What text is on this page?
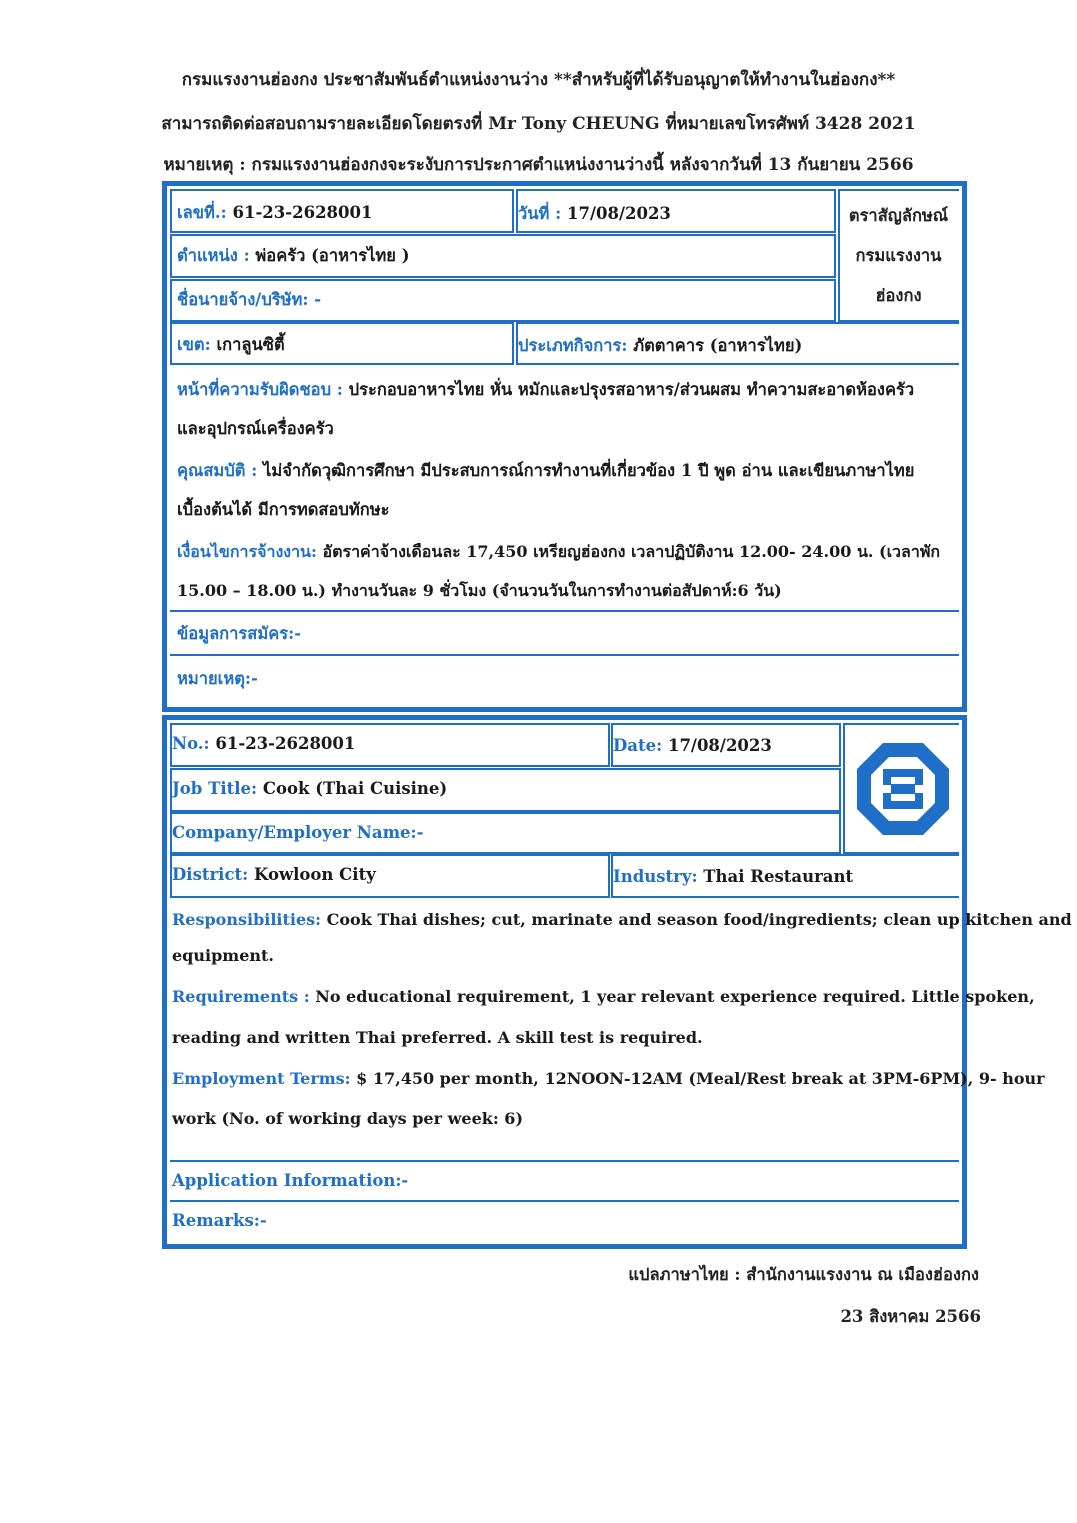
กรมแรงงานฮ่องกง ประชาสัมพันธ์ตำแหน่งงานว่าง **สำหรับผู้ที่ได้รับอนุญาตให้ทำงานในฮ่องกง**
สามารถติดต่อสอบถามรายละเอียดโดยตรงที่ Mr Tony CHEUNG ที่หมายเลขโทรศัพท์ 3428 2021
หมายเหตุ : กรมแรงงานฮ่องกงจะระงับการประกาศตำแหน่งงานว่างนี้ หลังจากวันที่ 13 กันยายน 2566
เลขที่.: 61-23-2628001	วันที่ : 17/08/2023	ตราสัญลักษณ์
กรมแรงงาน
ฮ่องกง
ตำแหน่ง : พ่อครัว (อาหารไทย )
ชื่อนายจ้าง/บริษัท: -
เขต: เกาลูนซิตี้	ประเภทกิจการ: ภัตตาคาร (อาหารไทย)
หน้าที่ความรับผิดชอบ : ประกอบอาหารไทย หั่น หมักและปรุงรสอาหาร/ส่วนผสม ทำความสะอาดห้องครัว
และอุปกรณ์เครื่องครัว
คุณสมบัติ : ไม่จำกัดวุฒิการศึกษา มีประสบการณ์การทำงานที่เกี่ยวข้อง 1 ปี พูด อ่าน และเขียนภาษาไทย
เบื้องต้นได้ มีการทดสอบทักษะ
เงื่อนไขการจ้างงาน: อัตราค่าจ้างเดือนละ 17,450 เหรียญฮ่องกง เวลาปฏิบัติงาน 12.00- 24.00 น. (เวลาพัก
15.00 – 18.00 น.) ทำงานวันละ 9 ชั่วโมง (จำนวนวันในการทำงานต่อสัปดาห์:6 วัน)
ข้อมูลการสมัคร:-
หมายเหตุ:-
No.: 61-23-2628001	Date: 17/08/2023
Job Title: Cook (Thai Cuisine)
Company/Employer Name:-
District: Kowloon City	Industry: Thai Restaurant
Responsibilities: Cook Thai dishes; cut, marinate and season food/ingredients; clean up kitchen and
equipment.
Requirements : No educational requirement, 1 year relevant experience required. Little spoken,
reading and written Thai preferred. A skill test is required.
Employment Terms: $ 17,450 per month, 12NOON-12AM (Meal/Rest break at 3PM-6PM), 9- hour
work (No. of working days per week: 6)
Application Information:-
Remarks:-
แปลภาษาไทย : สำนักงานแรงงาน ณ เมืองฮ่องกง
23 สิงหาคม 2566
